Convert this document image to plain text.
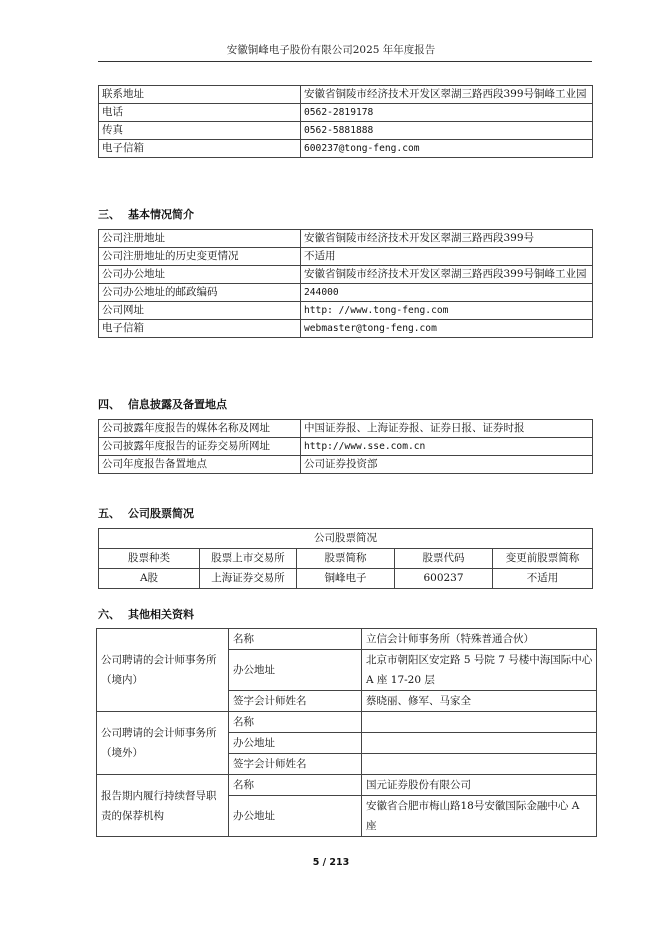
安徽铜峰电子股份有限公司2025 年年度报告
联系地址	安徽省铜陵市经济技术开发区翠湖三路西段399号铜峰工业园
电话	0562-2819178
传真	0562-5881888
电子信箱	600237@tong-feng.com
三、 基本情况简介
公司注册地址	安徽省铜陵市经济技术开发区翠湖三路西段399号
公司注册地址的历史变更情况	不适用
公司办公地址	安徽省铜陵市经济技术开发区翠湖三路西段399号铜峰工业园
公司办公地址的邮政编码	244000
公司网址	http: //www.tong-feng.com
电子信箱	webmaster@tong-feng.com
四、 信息披露及备置地点
公司披露年度报告的媒体名称及网址	中国证券报、上海证券报、证券日报、证券时报
公司披露年度报告的证券交易所网址	http://www.sse.com.cn
公司年度报告备置地点	公司证券投资部
五、 公司股票简况
公司股票简况				
股票种类	股票上市交易所	股票简称	股票代码	变更前股票简称
A股	上海证券交易所	铜峰电子	600237	不适用
六、 其他相关资料
公司聘请的会计师事务所（境内）	名称	立信会计师事务所（特殊普通合伙）
	办公地址	北京市朝阳区安定路 5 号院 7 号楼中海国际中心 A 座 17-20 层
	签字会计师姓名	蔡晓丽、修军、马家全
公司聘请的会计师事务所（境外）	名称	
	办公地址	
	签字会计师姓名	
报告期内履行持续督导职责的保荐机构	名称	国元证券股份有限公司
	办公地址	安徽省合肥市梅山路18号安徽国际金融中心 A 座
5 / 213
